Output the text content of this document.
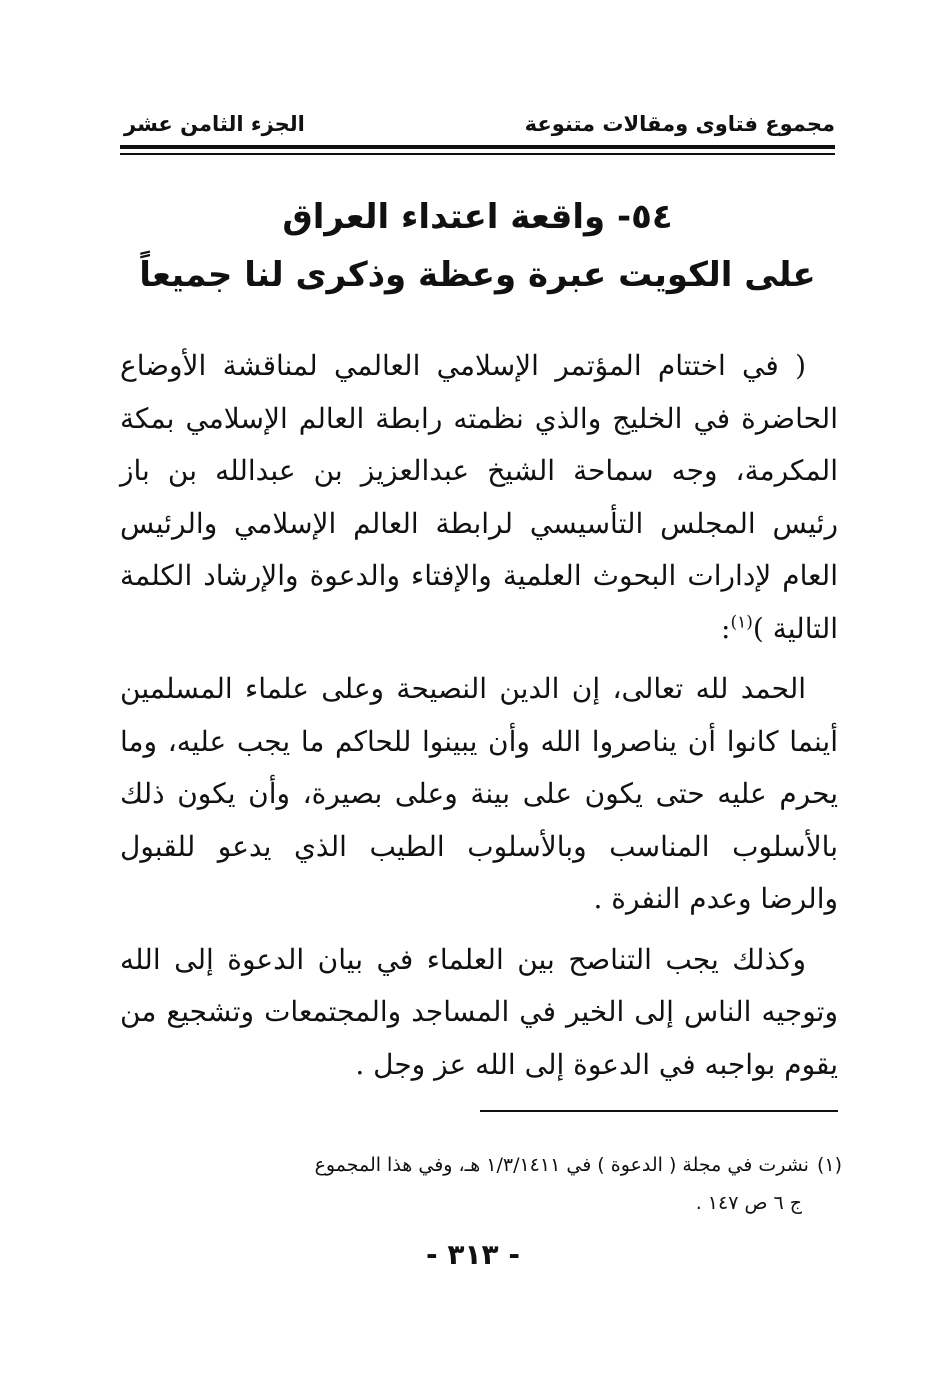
مجموع فتاوى ومقالات متنوعة
الجزء الثامن عشر
٥٤- واقعة اعتداء العراق
على الكويت عبرة وعظة وذكرى لنا جميعاً

( في اختتام المؤتمر الإسلامي العالمي لمناقشة الأوضاع الحاضرة في الخليج والذي نظمته رابطة العالم الإسلامي بمكة المكرمة، وجه سماحة الشيخ عبدالعزيز بن عبدالله بن باز رئيس المجلس التأسيسي لرابطة العالم الإسلامي والرئيس العام لإدارات البحوث العلمية والإفتاء والدعوة والإرشاد الكلمة التالية )$^{(١)}$:

الحمد لله تعالى، إن الدين النصيحة وعلى علماء المسلمين أينما كانوا أن يناصروا الله وأن يبينوا للحاكم ما يجب عليه، وما يحرم عليه حتى يكون على بينة وعلى بصيرة، وأن يكون ذلك بالأسلوب المناسب وبالأسلوب الطيب الذي يدعو للقبول والرضا وعدم النفرة .

وكذلك يجب التناصح بين العلماء في بيان الدعوة إلى الله وتوجيه الناس إلى الخير في المساجد والمجتمعات وتشجيع من يقوم بواجبه في الدعوة إلى الله عز وجل .

(١)نشرت في مجلة ( الدعوة ) في ١/٣/١٤١١ هـ، وفي هذا المجموع
ج ٦ ص ١٤٧ .
- ٣١٣ -
